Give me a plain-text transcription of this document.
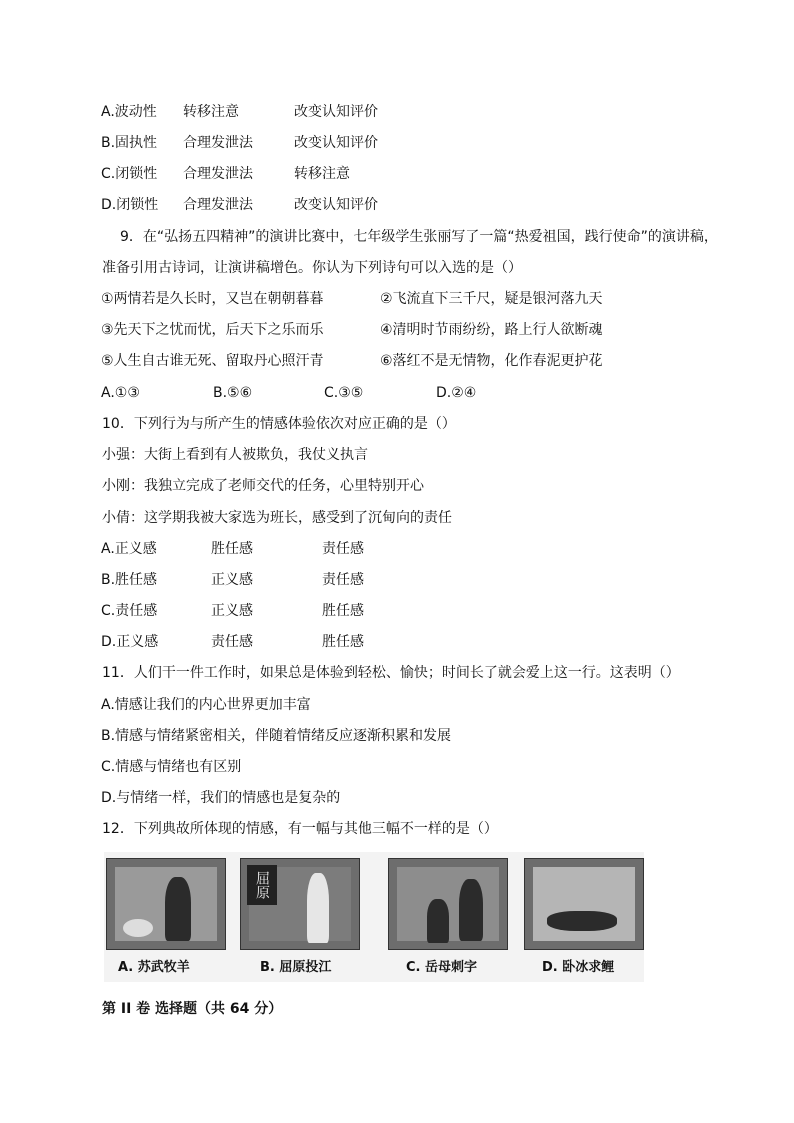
A.波动性 转移注意	改变认知评价
B.固执性 合理发泄法	改变认知评价
C.闭锁性 合理发泄法	转移注意
D.闭锁性 合理发泄法	改变认知评价
9．在“弘扬五四精神”的演讲比赛中，七年级学生张丽写了一篇“热爱祖国，践行使命”的演讲稿，
准备引用古诗词，让演讲稿增色。你认为下列诗句可以入选的是（）
①两情若是久长时，又岂在朝朝暮暮	②飞流直下三千尺，疑是银河落九天
③先天下之忧而忧，后天下之乐而乐	④清明时节雨纷纷，路上行人欲断魂
⑤人生自古谁无死、留取丹心照汗青	⑥落红不是无情物，化作春泥更护花
A.①③	B.⑤⑥	C.③⑤	D.②④
10．下列行为与所产生的情感体验依次对应正确的是（）
小强：大街上看到有人被欺负，我仗义执言
小刚：我独立完成了老师交代的任务，心里特别开心
小倩：这学期我被大家选为班长，感受到了沉甸向的责任
A.正义感	胜任感	责任感
B.胜任感	正义感	责任感
C.责任感	正义感	胜任感
D.正义感	责任感	胜任感
11．人们干一件工作时，如果总是体验到轻松、愉快；时间长了就会爱上这一行。这表明（）
A.情感让我们的内心世界更加丰富
B.情感与情绪紧密相关，伴随着情绪反应逐渐积累和发展
C.情感与情绪也有区别
D.与情绪一样，我们的情感也是复杂的
12．下列典故所体现的情感，有一幅与其他三幅不一样的是（）
屈原
A. 苏武牧羊	B. 屈原投江	C. 岳母刺字	D. 卧冰求鲤
第 II 卷 选择题（共 64 分）
